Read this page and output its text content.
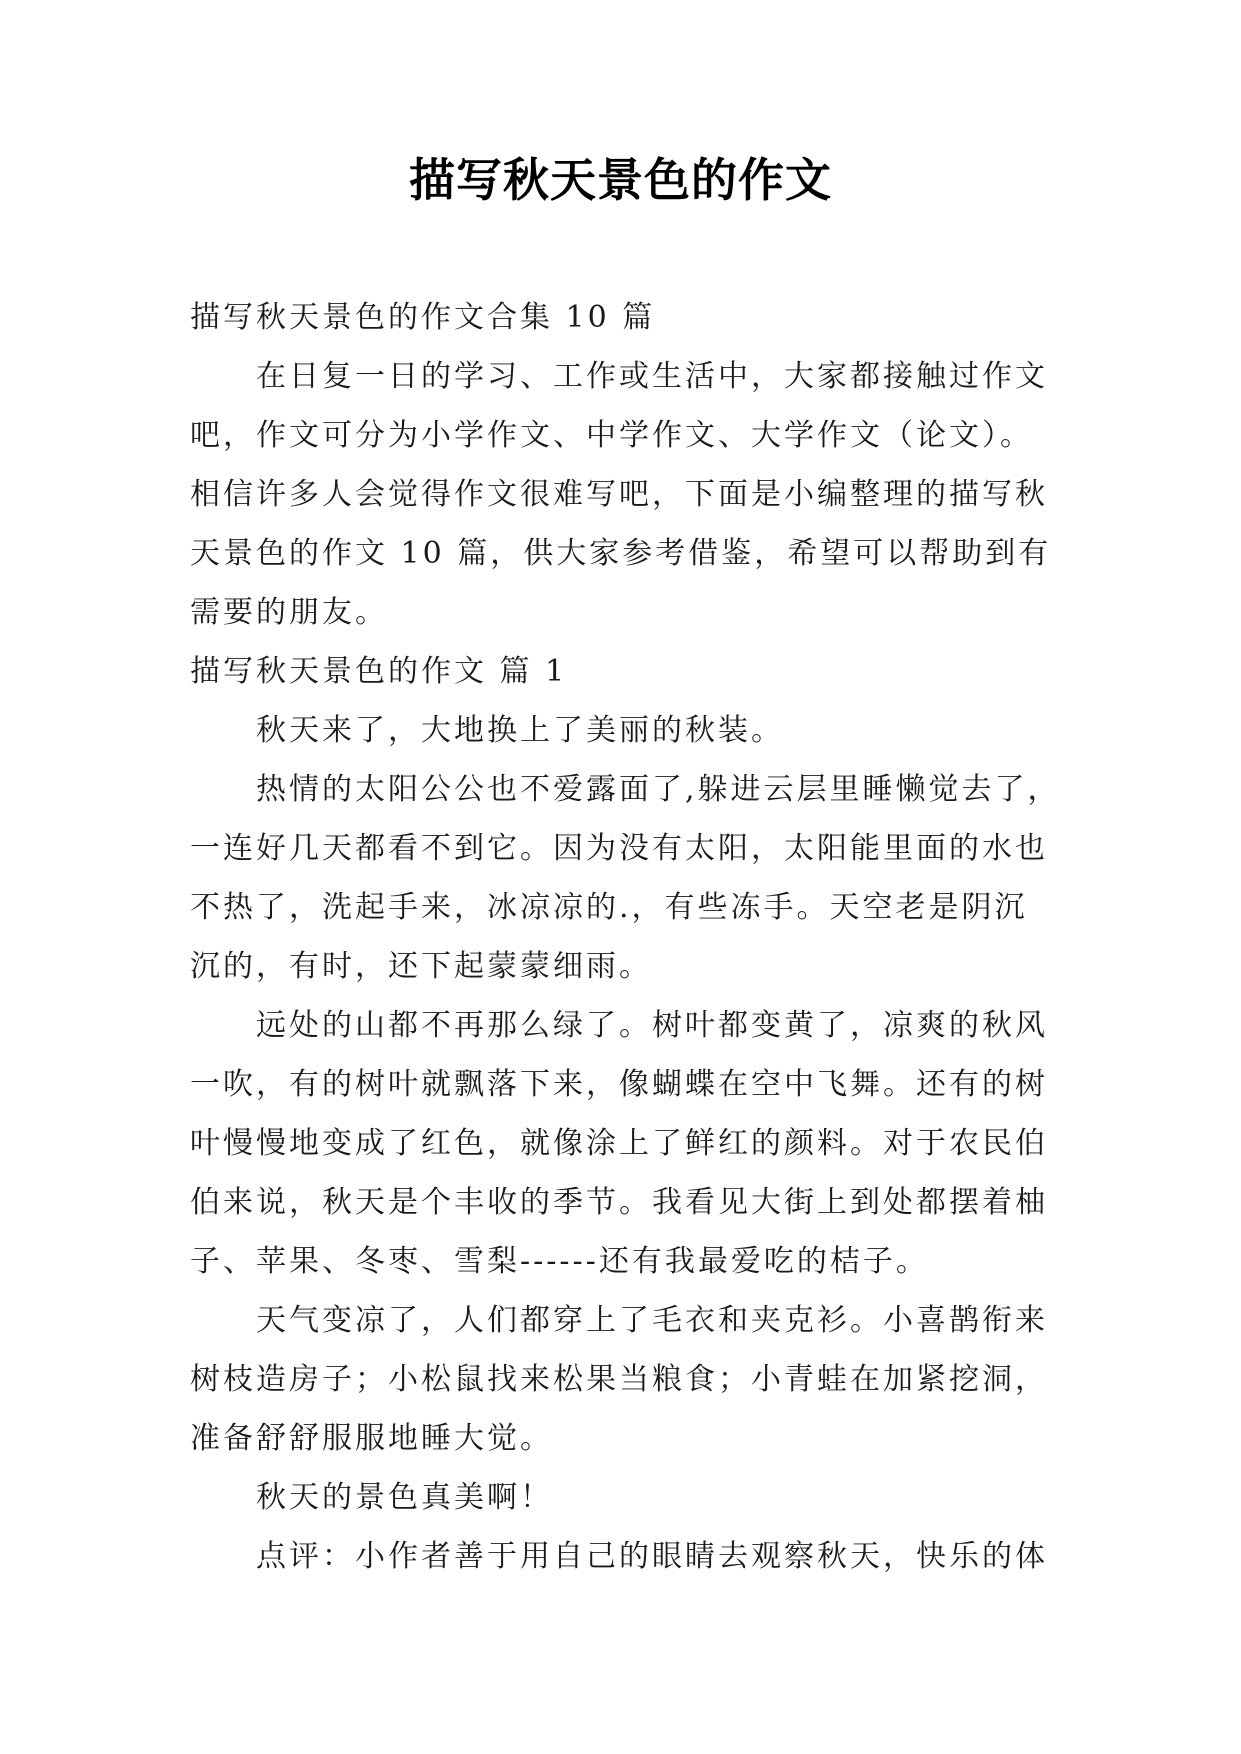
描写秋天景色的作文
描写秋天景色的作文合集 10 篇
在日复一日的学习、工作或生活中，大家都接触过作文
吧，作文可分为小学作文、中学作文、大学作文（论文）。
相信许多人会觉得作文很难写吧，下面是小编整理的描写秋
天景色的作文 10 篇，供大家参考借鉴，希望可以帮助到有
需要的朋友。
描写秋天景色的作文 篇 1
秋天来了，大地换上了美丽的秋装。
热情的太阳公公也不爱露面了,躲进云层里睡懒觉去了，
一连好几天都看不到它。因为没有太阳，太阳能里面的水也
不热了，洗起手来，冰凉凉的.，有些冻手。天空老是阴沉
沉的，有时，还下起蒙蒙细雨。
远处的山都不再那么绿了。树叶都变黄了，凉爽的秋风
一吹，有的树叶就飘落下来，像蝴蝶在空中飞舞。还有的树
叶慢慢地变成了红色，就像涂上了鲜红的颜料。对于农民伯
伯来说，秋天是个丰收的季节。我看见大街上到处都摆着柚
子、苹果、冬枣、雪梨------还有我最爱吃的桔子。
天气变凉了，人们都穿上了毛衣和夹克衫。小喜鹊衔来
树枝造房子；小松鼠找来松果当粮食；小青蛙在加紧挖洞，
准备舒舒服服地睡大觉。
秋天的景色真美啊！
点评：小作者善于用自己的眼睛去观察秋天，快乐的体
